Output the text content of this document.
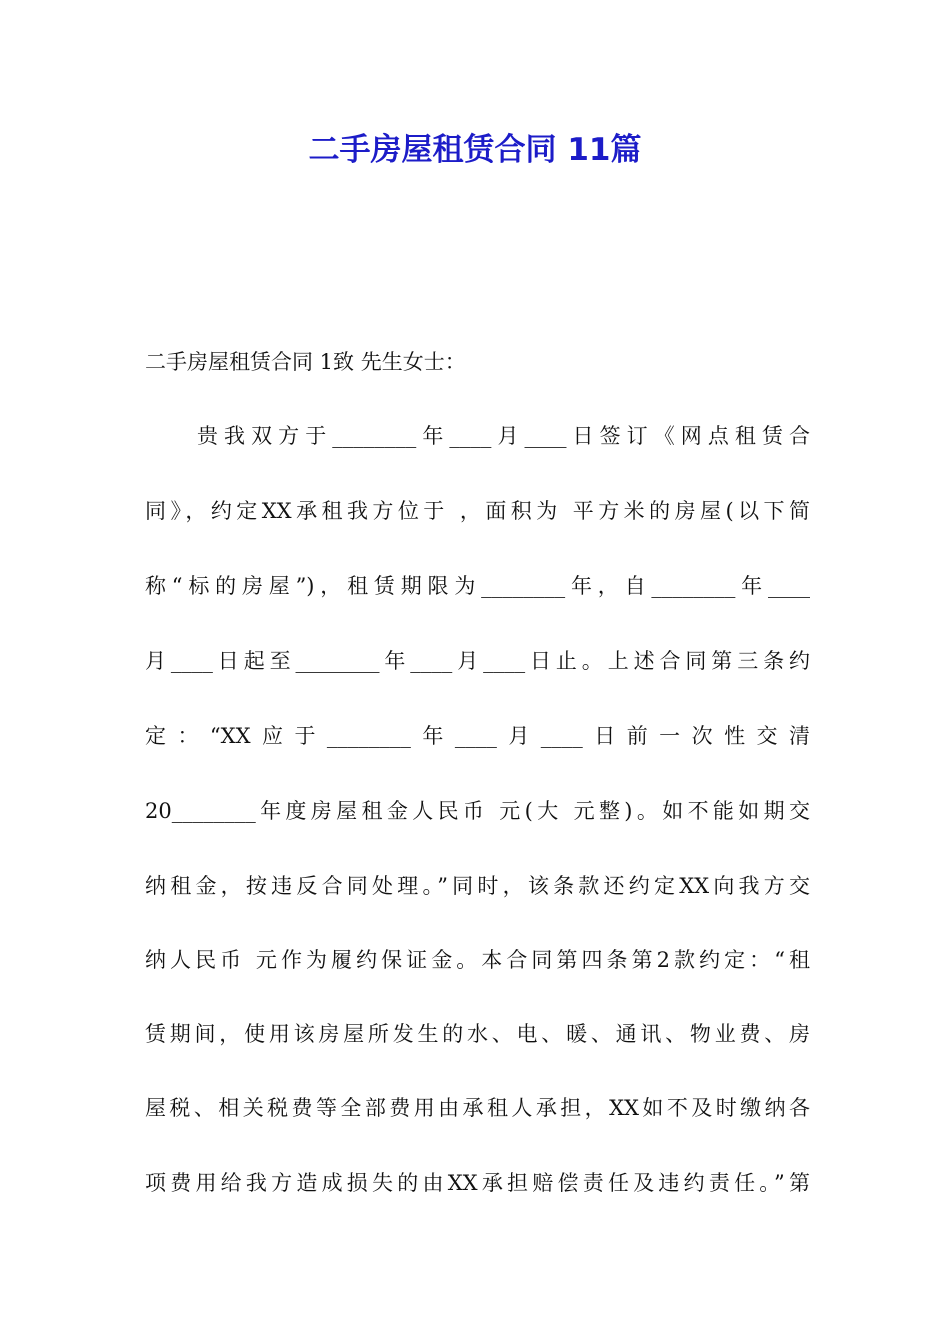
二手房屋租赁合同 11篇

二手房屋租赁合同 1致 先生女士：

贵我双方于________年____月____日签订《网点租赁合
同》，约定XX承租我方位于 ，面积为 平方米的房屋(以下简
称“标的房屋”)，租赁期限为________年，自________年____
月____日起至________年____月____日止。上述合同第三条约
定：“XX应于________年____月____日前一次性交清
20________年度房屋租金人民币 元(大 元整)。如不能如期交
纳租金，按违反合同处理。”同时，该条款还约定XX向我方交
纳人民币 元作为履约保证金。本合同第四条第2款约定：“租
赁期间，使用该房屋所发生的水、电、暖、通讯、物业费、房
屋税、相关税费等全部费用由承租人承担，XX如不及时缴纳各
项费用给我方造成损失的由XX承担赔偿责任及违约责任。”第
